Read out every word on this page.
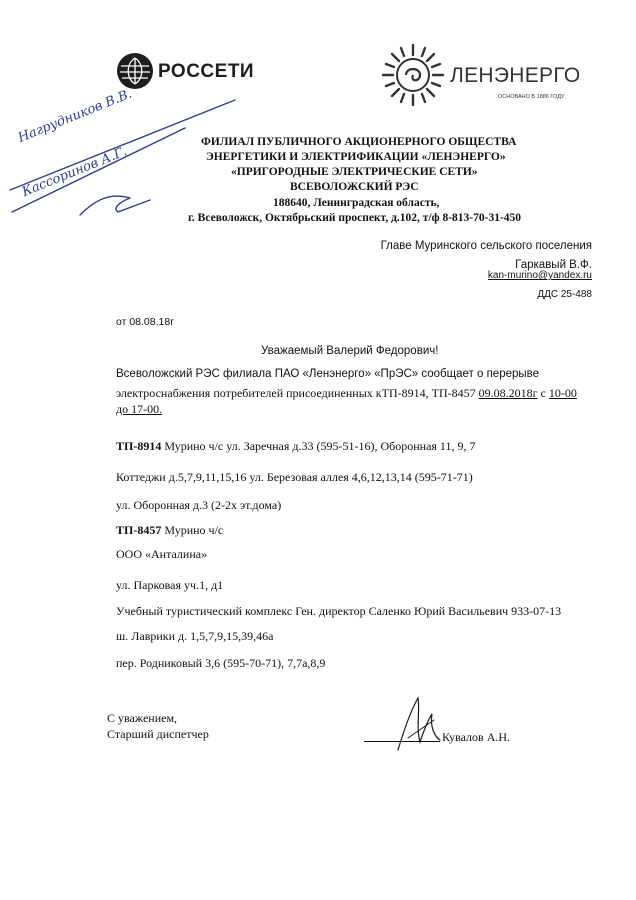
РОССЕТИ	ЛЕНЭНЕРГО
ОСНОВАНО В 1886 ГОДУ
Нагрудников В.В.
Кассоринов А.Г.
ФИЛИАЛ ПУБЛИЧНОГО АКЦИОНЕРНОГО ОБЩЕСТВА
ЭНЕРГЕТИКИ И ЭЛЕКТРИФИКАЦИИ «ЛЕНЭНЕРГО»
«ПРИГОРОДНЫЕ ЭЛЕКТРИЧЕСКИЕ СЕТИ»
ВСЕВОЛОЖСКИЙ РЭС
188640, Ленинградская область,
г. Всеволожск, Октябрьский проспект, д.102, т/ф 8-813-70-31-450
Главе Муринского сельского поселения
Гаркавый В.Ф.
kan-murino@yandex.ru
ДДС 25-488
от 08.08.18г
Уважаемый Валерий Федорович!
Всеволожский РЭС филиала ПАО «Ленэнерго» «ПрЭС» сообщает о перерыве
электроснабжения потребителей присоединенных кТП-8914, ТП-8457 09.08.2018г с 10-00
до 17-00.
ТП-8914 Мурино ч/с ул. Заречная д.33 (595-51-16), Оборонная 11, 9, 7
Коттеджи д.5,7,9,11,15,16 ул. Березовая аллея 4,6,12,13,14 (595-71-71)
ул. Оборонная д.3 (2-2х эт.дома)
ТП-8457 Мурино ч/с
ООО «Анталина»
ул. Парковая уч.1, д1
Учебный туристический комплекс Ген. директор Саленко Юрий Васильевич 933-07-13
ш. Лаврики д. 1,5,7,9,15,39,46а
пер. Родниковый 3,6 (595-70-71), 7,7а,8,9
С уважением,
Старший диспетчер	Кувалов А.Н.
